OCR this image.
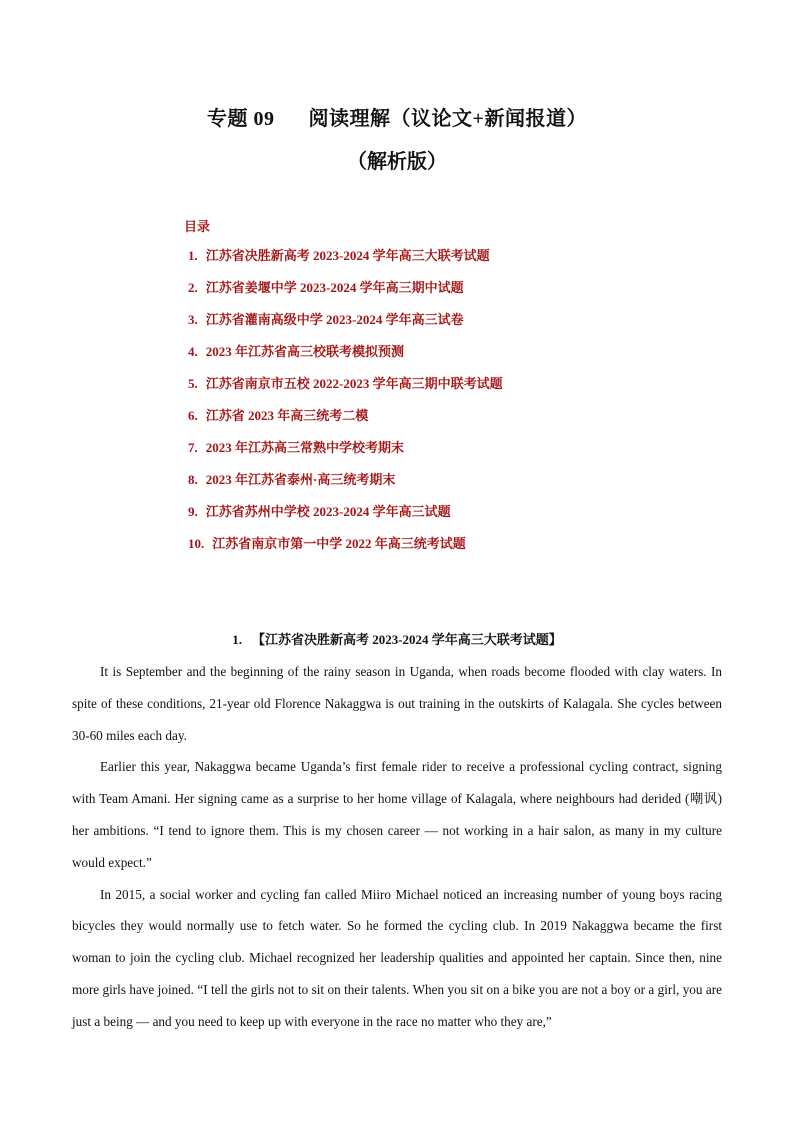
专题 09 阅读理解（议论文+新闻报道）
（解析版）
目录
1. 江苏省决胜新高考 2023-2024 学年高三大联考试题
2. 江苏省姜堰中学 2023-2024 学年高三期中试题
3. 江苏省灌南高级中学 2023-2024 学年高三试卷
4. 2023 年江苏省高三校联考模拟预测
5. 江苏省南京市五校 2022-2023 学年高三期中联考试题
6. 江苏省 2023 年高三统考二模
7. 2023 年江苏高三常熟中学校考期末
8. 2023 年江苏省泰州·高三统考期末
9. 江苏省苏州中学校 2023-2024 学年高三试题
10. 江苏省南京市第一中学 2022 年高三统考试题
1. 【江苏省决胜新高考 2023-2024 学年高三大联考试题】

It is September and the beginning of the rainy season in Uganda, when roads become flooded with clay waters. In spite of these conditions, 21-year old Florence Nakaggwa is out training in the outskirts of Kalagala. She cycles between 30-60 miles each day.

Earlier this year, Nakaggwa became Uganda’s first female rider to receive a professional cycling contract, signing with Team Amani. Her signing came as a surprise to her home village of Kalagala, where neighbours had derided (嘲讽) her ambitions. “I tend to ignore them. This is my chosen career — not working in a hair salon, as many in my culture would expect.”

In 2015, a social worker and cycling fan called Miiro Michael noticed an increasing number of young boys racing bicycles they would normally use to fetch water. So he formed the cycling club. In 2019 Nakaggwa became the first woman to join the cycling club. Michael recognized her leadership qualities and appointed her captain. Since then, nine more girls have joined. “I tell the girls not to sit on their talents. When you sit on a bike you are not a boy or a girl, you are just a being — and you need to keep up with everyone in the race no matter who they are,”
